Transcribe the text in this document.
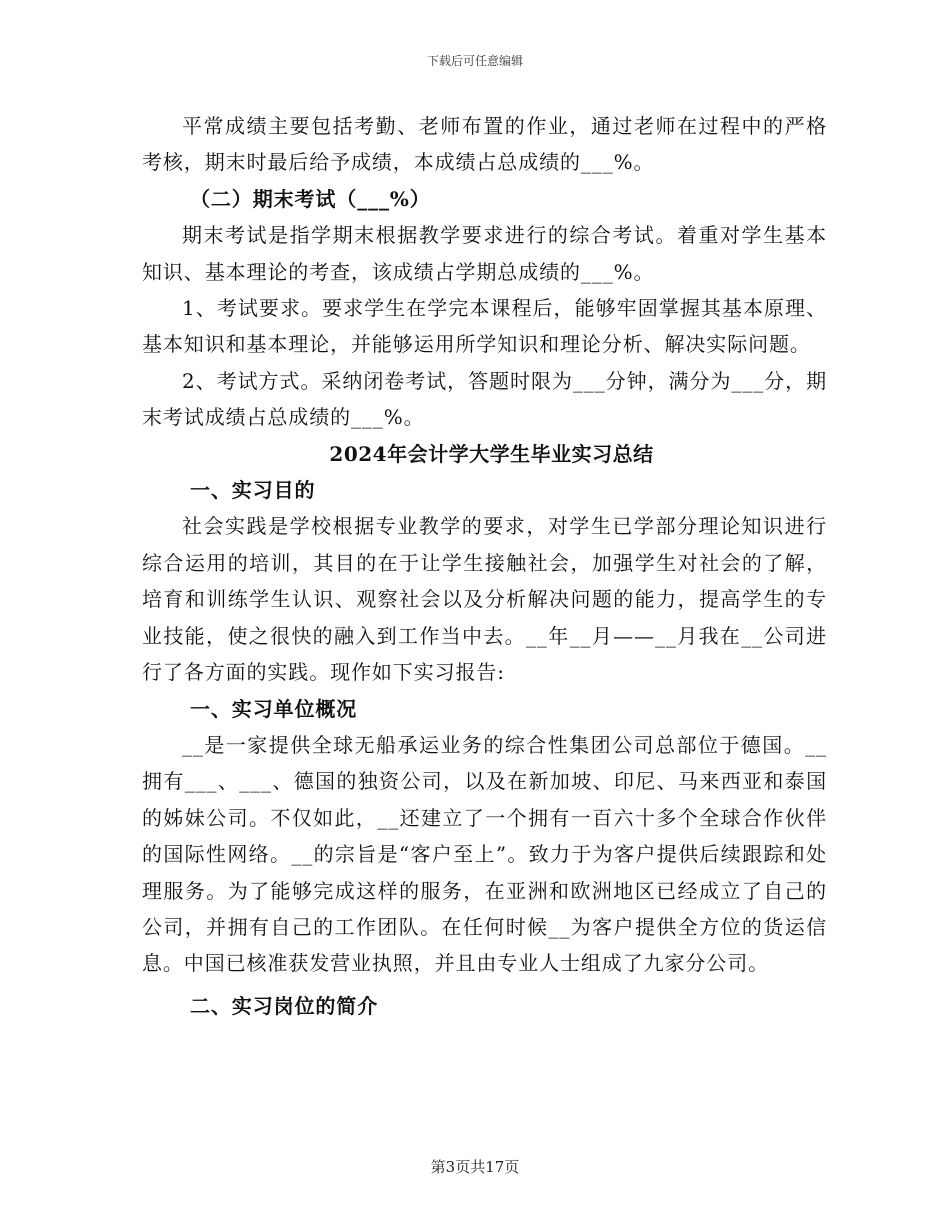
下载后可任意编辑

平常成绩主要包括考勤、老师布置的作业，通过老师在过程中的严格考核，期末时最后给予成绩，本成绩占总成绩的___%。

（二）期末考试（___%）

期末考试是指学期末根据教学要求进行的综合考试。着重对学生基本知识、基本理论的考查，该成绩占学期总成绩的___%。

1、考试要求。要求学生在学完本课程后，能够牢固掌握其基本原理、基本知识和基本理论，并能够运用所学知识和理论分析、解决实际问题。

2、考试方式。采纳闭卷考试，答题时限为___分钟，满分为___分，期末考试成绩占总成绩的___%。

2024年会计学大学生毕业实习总结

一、实习目的

社会实践是学校根据专业教学的要求，对学生已学部分理论知识进行综合运用的培训，其目的在于让学生接触社会，加强学生对社会的了解，培育和训练学生认识、观察社会以及分析解决问题的能力，提高学生的专业技能，使之很快的融入到工作当中去。__年__月——__月我在__公司进行了各方面的实践。现作如下实习报告:

一、实习单位概况

__是一家提供全球无船承运业务的综合性集团公司总部位于德国。__拥有___、___、德国的独资公司，以及在新加坡、印尼、马来西亚和泰国的姊妹公司。不仅如此，__还建立了一个拥有一百六十多个全球合作伙伴的国际性网络。__的宗旨是“客户至上”。致力于为客户提供后续跟踪和处理服务。为了能够完成这样的服务，在亚洲和欧洲地区已经成立了自己的公司，并拥有自己的工作团队。在任何时候__为客户提供全方位的货运信息。中国已核准获发营业执照，并且由专业人士组成了九家分公司。

二、实习岗位的简介

第3页共17页
